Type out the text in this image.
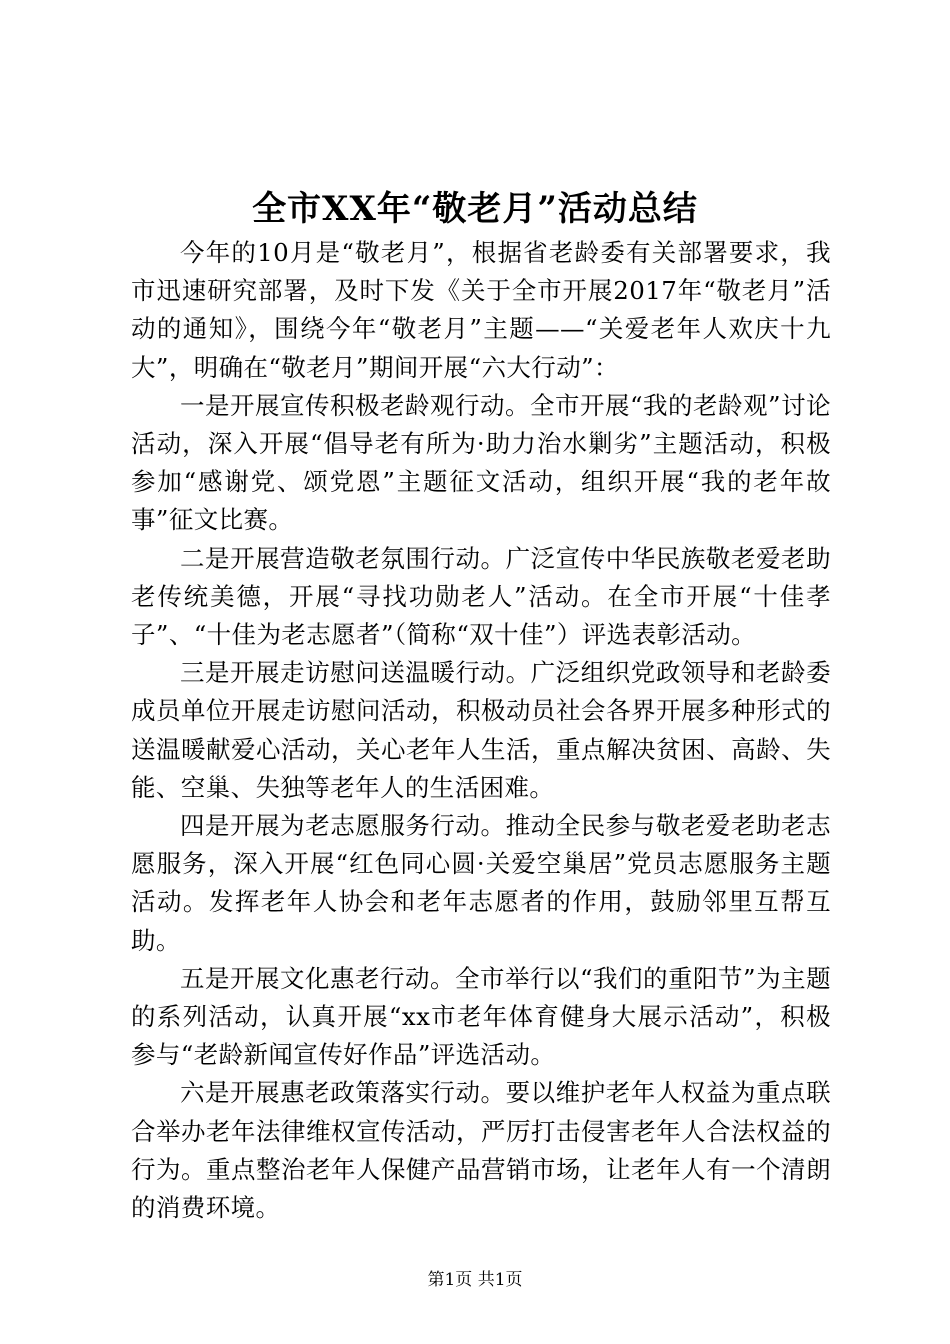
全市XX年“敬老月”活动总结

今年的10月是“敬老月”，根据省老龄委有关部署要求，我市迅速研究部署，及时下发《关于全市开展2017年“敬老月”活动的通知》，围绕今年“敬老月”主题——“关爱老年人欢庆十九大”，明确在“敬老月”期间开展“六大行动”：

一是开展宣传积极老龄观行动。全市开展“我的老龄观”讨论活动，深入开展“倡导老有所为·助力治水剿劣”主题活动，积极参加“感谢党、颂党恩”主题征文活动，组织开展“我的老年故事”征文比赛。

二是开展营造敬老氛围行动。广泛宣传中华民族敬老爱老助老传统美德，开展“寻找功勋老人”活动。在全市开展“十佳孝子”、“十佳为老志愿者”（简称“双十佳”）评选表彰活动。

三是开展走访慰问送温暖行动。广泛组织党政领导和老龄委成员单位开展走访慰问活动，积极动员社会各界开展多种形式的送温暖献爱心活动，关心老年人生活，重点解决贫困、高龄、失能、空巢、失独等老年人的生活困难。

四是开展为老志愿服务行动。推动全民参与敬老爱老助老志愿服务，深入开展“红色同心圆·关爱空巢居”党员志愿服务主题活动。发挥老年人协会和老年志愿者的作用，鼓励邻里互帮互助。

五是开展文化惠老行动。全市举行以“我们的重阳节”为主题的系列活动，认真开展“xx市老年体育健身大展示活动”，积极参与“老龄新闻宣传好作品”评选活动。

六是开展惠老政策落实行动。要以维护老年人权益为重点联合举办老年法律维权宣传活动，严厉打击侵害老年人合法权益的行为。重点整治老年人保健产品营销市场，让老年人有一个清朗的消费环境。

第1页 共1页
